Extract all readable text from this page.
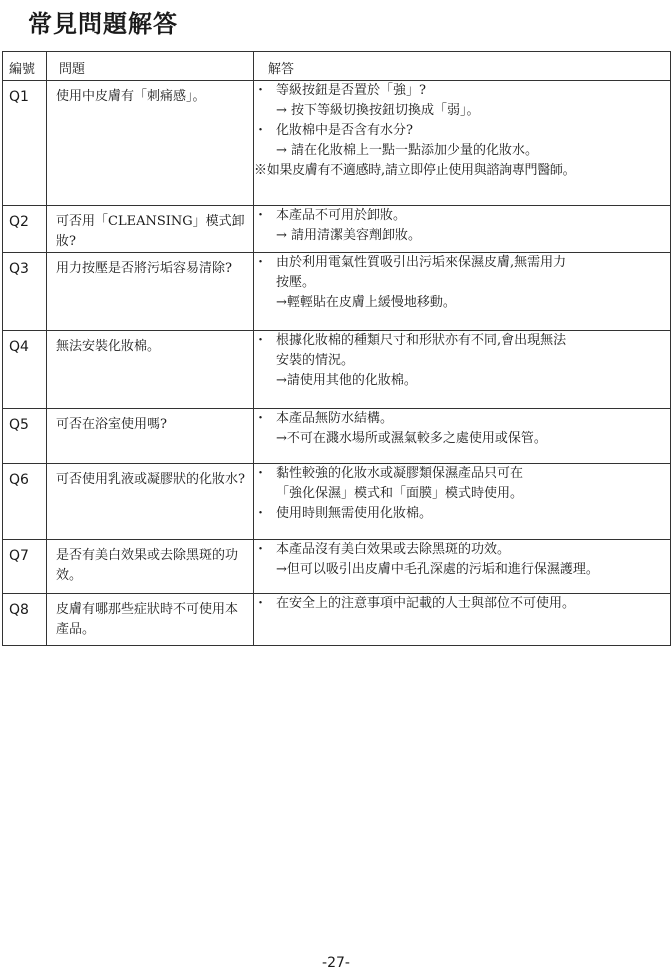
常見問題解答
編號	問題	解答

Q1	使用中皮膚有「刺痛感」。	・ 等級按鈕是否置於「強」?
→ 按下等級切換按鈕切換成「弱」。
・ 化妝棉中是否含有水分?
→ 請在化妝棉上一點一點添加少量的化妝水。
※如果皮膚有不適感時,請立即停止使用與諮詢專門醫師。

Q2	可否用「CLEANSING」模式卸妝?	・ 本產品不可用於卸妝。
→ 請用清潔美容劑卸妝。

Q3	用力按壓是否將污垢容易清除?	・ 由於利用電氣性質吸引出污垢來保濕皮膚,無需用力
按壓。
→輕輕貼在皮膚上緩慢地移動。

Q4	無法安裝化妝棉。	・ 根據化妝棉的種類尺寸和形狀亦有不同,會出現無法
安裝的情況。
→請使用其他的化妝棉。

Q5	可否在浴室使用嗎?	・ 本產品無防水結構。
→不可在濺水場所或濕氣較多之處使用或保管。

Q6	可否使用乳液或凝膠狀的化妝水?	・ 黏性較強的化妝水或凝膠類保濕產品只可在
「強化保濕」模式和「面膜」模式時使用。
・ 使用時則無需使用化妝棉。

Q7	是否有美白效果或去除黑斑的功效。	・ 本產品沒有美白效果或去除黑斑的功效。
→但可以吸引出皮膚中毛孔深處的污垢和進行保濕護理。

Q8	皮膚有哪那些症狀時不可使用本產品。	・ 在安全上的注意事項中記載的人士與部位不可使用。
-27-
